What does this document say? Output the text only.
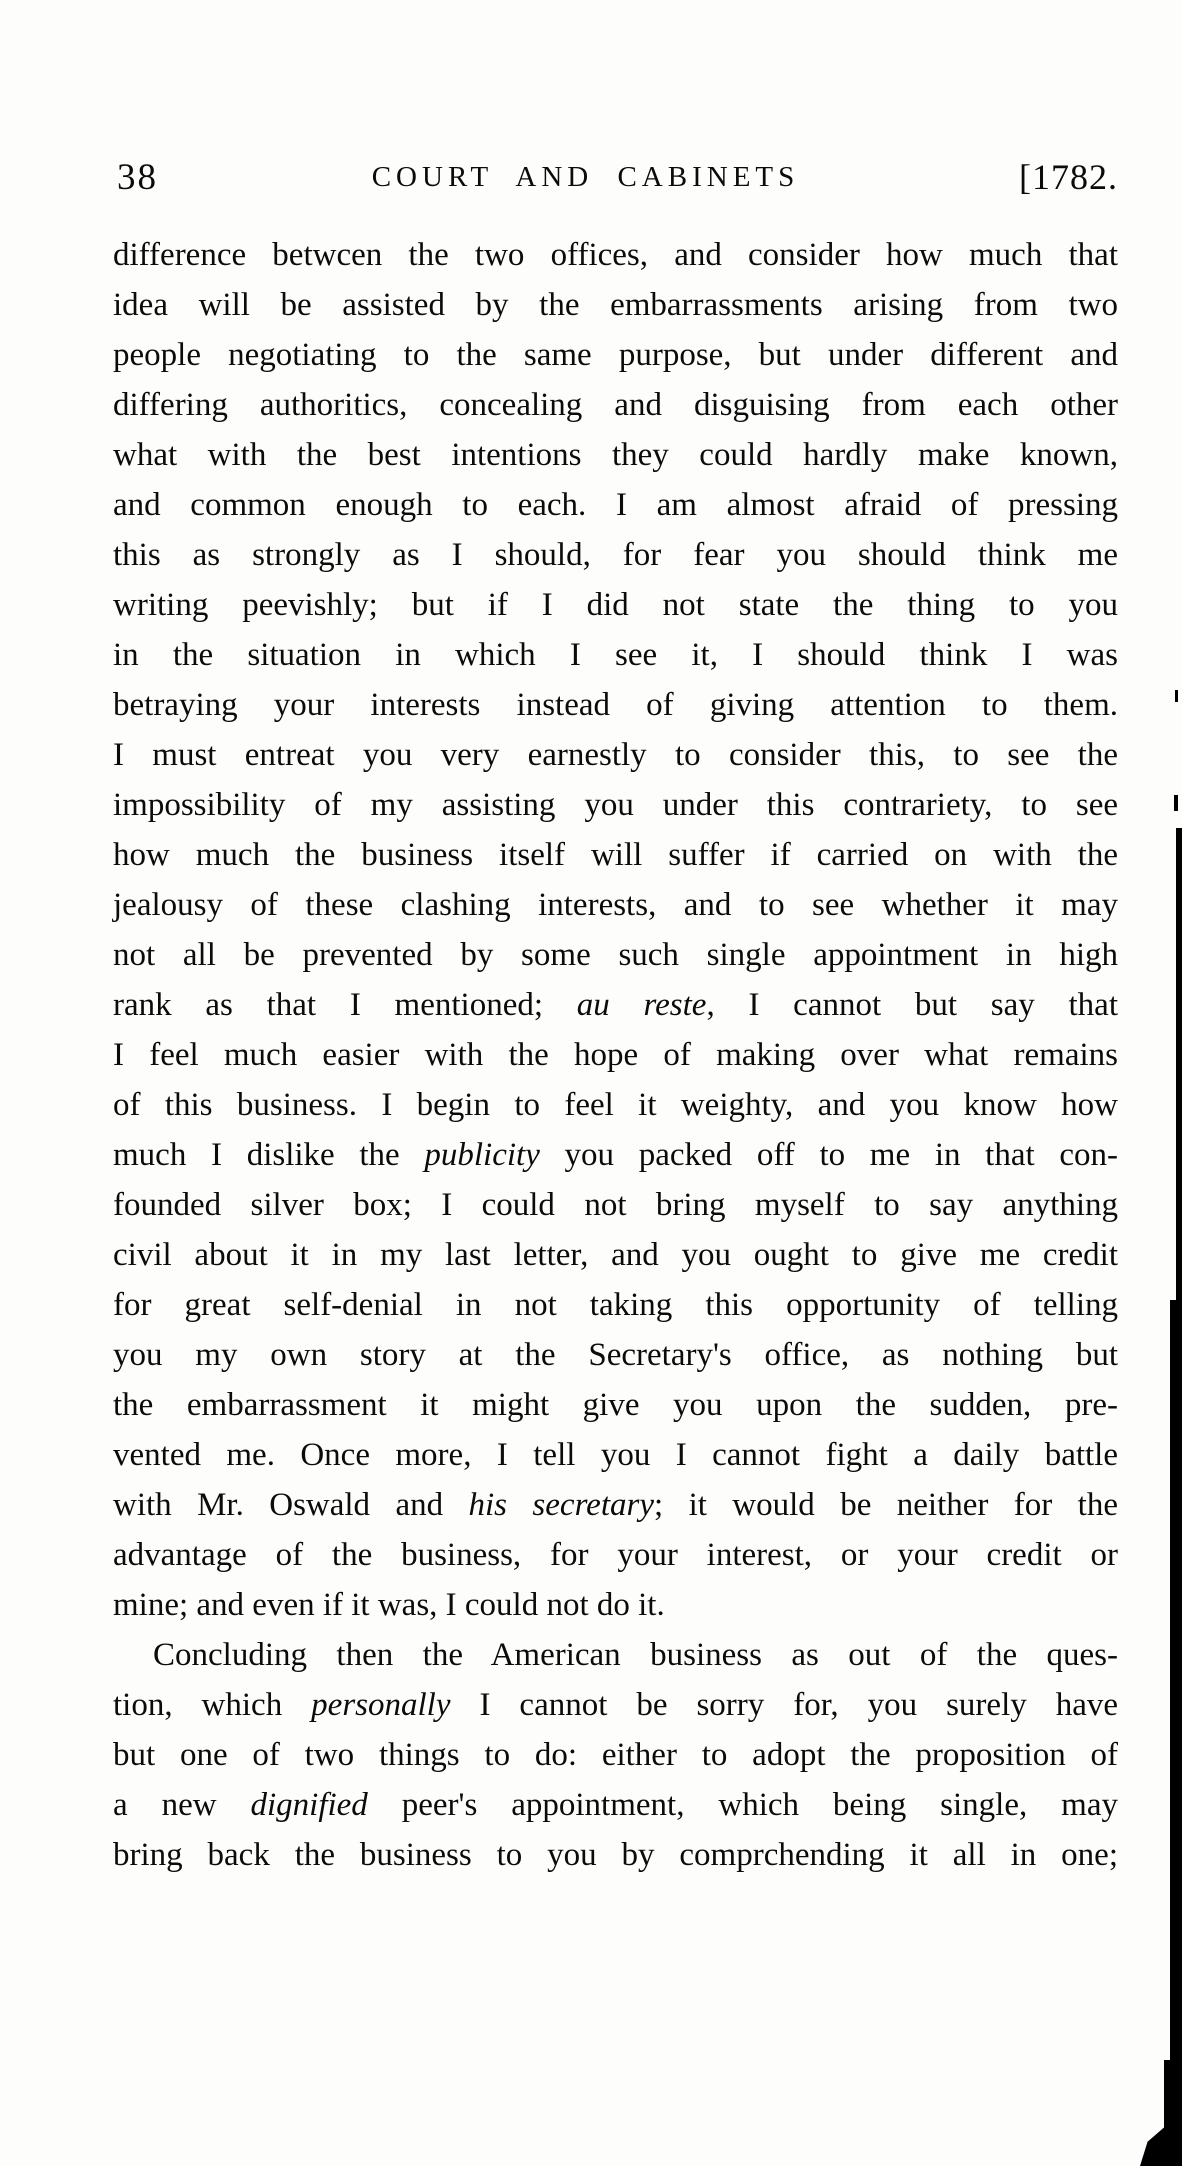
38	COURT AND CABINETS	[1782.
difference betwcen the two offices, and consider how much that
idea will be assisted by the embarrassments arising from two
people negotiating to the same purpose, but under different and
differing authoritics, concealing and disguising from each other
what with the best intentions they could hardly make known,
and common enough to each. I am almost afraid of pressing
this as strongly as I should, for fear you should think me
writing peevishly; but if I did not state the thing to you
in the situation in which I see it, I should think I was
betraying your interests instead of giving attention to them.
I must entreat you very earnestly to consider this, to see the
impossibility of my assisting you under this contrariety, to see
how much the business itself will suffer if carried on with the
jealousy of these clashing interests, and to see whether it may
not all be prevented by some such single appointment in high
rank as that I mentioned; au reste, I cannot but say that
I feel much easier with the hope of making over what remains
of this business. I begin to feel it weighty, and you know how
much I dislike the publicity you packed off to me in that con-
founded silver box; I could not bring myself to say anything
civil about it in my last letter, and you ought to give me credit
for great self-denial in not taking this opportunity of telling
you my own story at the Secretary's office, as nothing but
the embarrassment it might give you upon the sudden, pre-
vented me. Once more, I tell you I cannot fight a daily battle
with Mr. Oswald and his secretary; it would be neither for the
advantage of the business, for your interest, or your credit or
mine; and even if it was, I could not do it.
Concluding then the American business as out of the ques-
tion, which personally I cannot be sorry for, you surely have
but one of two things to do: either to adopt the proposition of
a new dignified peer's appointment, which being single, may
bring back the business to you by comprchending it all in one;
